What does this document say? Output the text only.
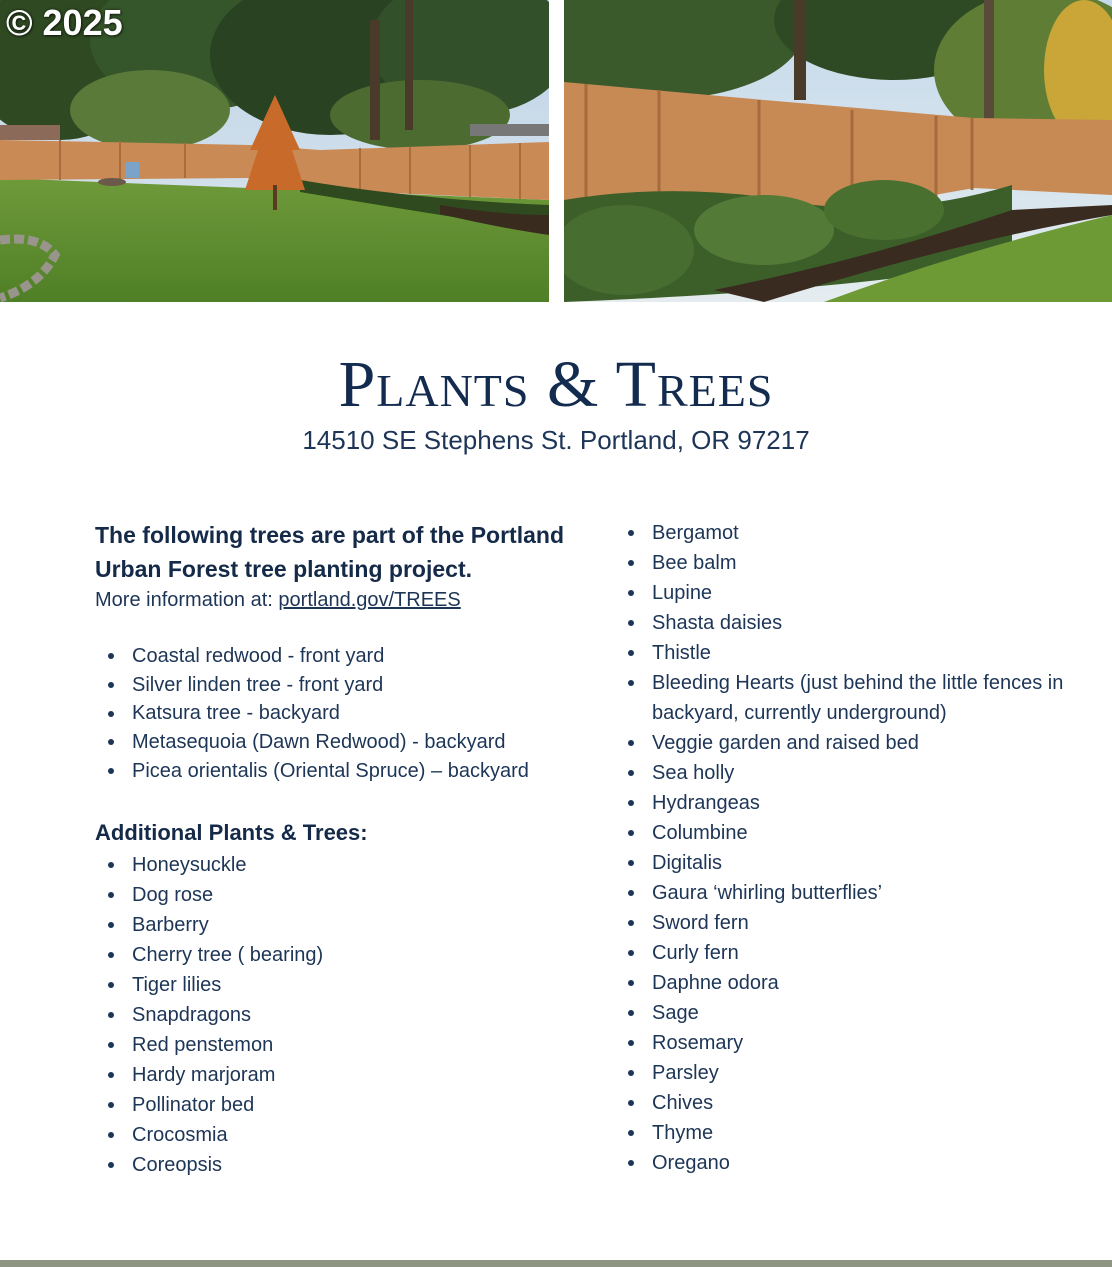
© 2025
Plants & Trees
14510 SE Stephens St. Portland, OR 97217

The following trees are part of the Portland Urban Forest tree planting project.

More information at: portland.gov/TREES

Coastal redwood - front yard
Silver linden tree - front yard
Katsura tree - backyard
Metasequoia (Dawn Redwood) - backyard
Picea orientalis (Oriental Spruce) – backyard

Additional Plants & Trees:

Honeysuckle
Dog rose
Barberry
Cherry tree ( bearing)
Tiger lilies
Snapdragons
Red penstemon
Hardy marjoram
Pollinator bed
Crocosmia
Coreopsis
Bergamot
Bee balm
Lupine
Shasta daisies
Thistle
Bleeding Hearts (just behind the little fences in backyard, currently underground)
Veggie garden and raised bed
Sea holly
Hydrangeas
Columbine
Digitalis
Gaura ‘whirling butterflies’
Sword fern
Curly fern
Daphne odora
Sage
Rosemary
Parsley
Chives
Thyme
Oregano
